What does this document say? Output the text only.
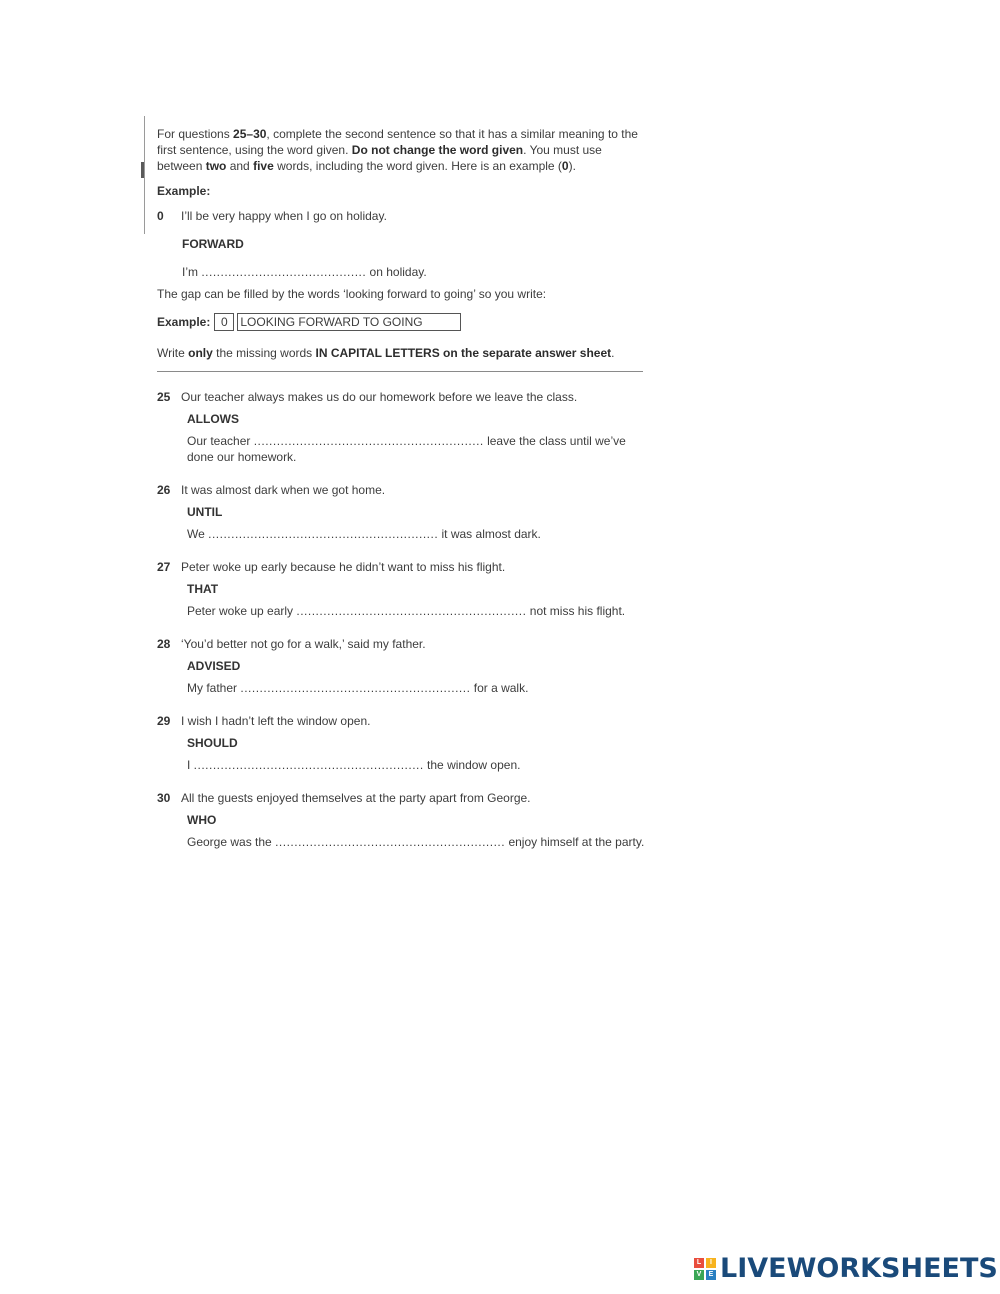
For questions 25–30, complete the second sentence so that it has a similar meaning to the first sentence, using the word given. Do not change the word given. You must use between two and five words, including the word given. Here is an example (0).

Example:
0	I’ll be very happy when I go on holiday.
FORWARD
I’m ........................................... on holiday.
The gap can be filled by the words ‘looking forward to going’ so you write:
Example: 0	LOOKING FORWARD TO GOING
Write only the missing words IN CAPITAL LETTERS on the separate answer sheet.
25 Our teacher always makes us do our homework before we leave the class.
ALLOWS
Our teacher ............................................................ leave the class until we’ve done our homework.
26 It was almost dark when we got home.
UNTIL
We ............................................................ it was almost dark.
27 Peter woke up early because he didn’t want to miss his flight.
THAT
Peter woke up early ............................................................ not miss his flight.
28 ‘You’d better not go for a walk,’ said my father.
ADVISED
My father ............................................................ for a walk.
29 I wish I hadn’t left the window open.
SHOULD
I ............................................................ the window open.
30 All the guests enjoyed themselves at the party apart from George.
WHO
George was the ............................................................ enjoy himself at the party.
L	I
V	E LIVEWORKSHEETS
